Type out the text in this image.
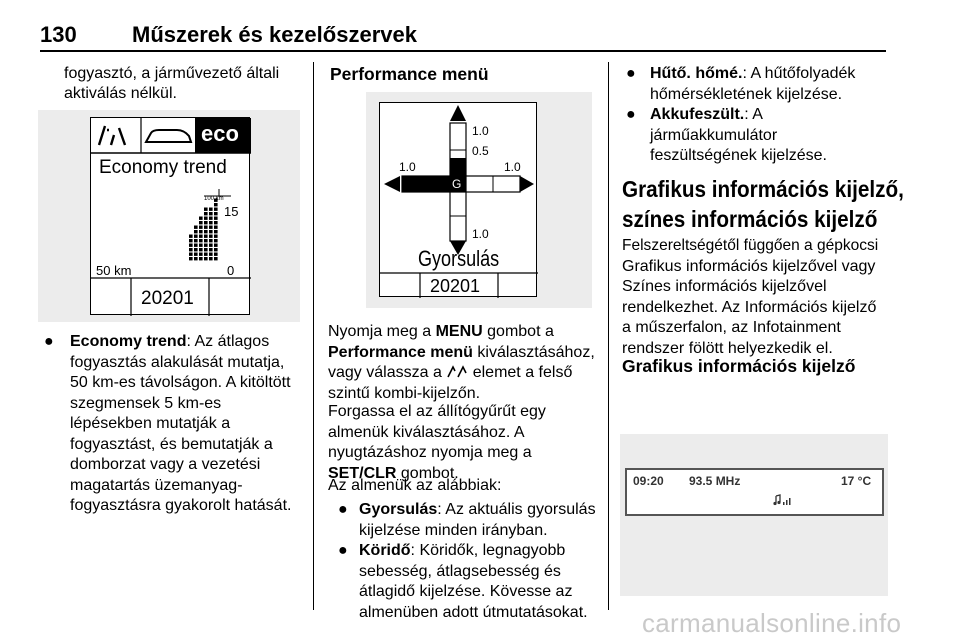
130	Műszerek és kezelőszervek
fogyasztó, a járművezető általi
aktiválás nélkül.
eco
Economy trend
100 km
15
50 km	0
20201
● Economy trend: Az átlagos
fogyasztás alakulását mutatja,
50 km-es távolságon. A kitöltött
szegmensek 5 km-es
lépésekben mutatják a
fogyasztást, és bemutatják a
domborzat vagy a vezetési
magatartás üzemanyag-
fogyasztásra gyakorolt hatását.
Performance menü
1.0
0.5
1.0	1.0
1.0
G
Gyorsulás
20201
Nyomja meg a MENU gombot a
Performance menü kiválasztásához,
vagy válassza a  elemet a felső
szintű kombi-kijelzőn.
Forgassa el az állítógyűrűt egy
almenük kiválasztásához. A
nyugtázáshoz nyomja meg a
SET/CLR gombot.
Az almenük az alábbiak:
● Gyorsulás: Az aktuális gyorsulás
kijelzése minden irányban.
● Köridő: Köridők, legnagyobb
sebesség, átlagsebesség és
átlagidő kijelzése. Kövesse az
almenüben adott útmutatásokat.
● Hűtő. hőmé.: A hűtőfolyadék
hőmérsékletének kijelzése.
● Akkufeszült.: A
járműakkumulátor
feszültségének kijelzése.
Grafikus információs kijelző,
színes információs kijelző
Felszereltségétől függően a gépkocsi
Grafikus információs kijelzővel vagy
Színes információs kijelzővel
rendelkezhet. Az Információs kijelző
a műszerfalon, az Infotainment
rendszer fölött helyezkedik el.
Grafikus információs kijelző
09:20 93.5 MHz	17 °C
carmanualsonline.info
